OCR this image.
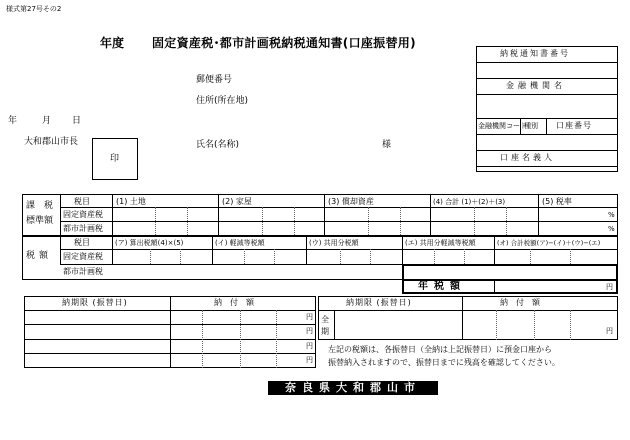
様式第27号その2
年度 固定資産税･都市計画税納税通知書(口座振替用)
郵便番号
住所(所在地)
年	月 日
大和郡山市長
印
氏名(名称)	様
納税通知書番号
金融機関名
金融機関コード
種別 口座番号
口座名義人
課　税
標準額
税額
税目
固定資産税
都市計画税
税目
固定資産税
都市計画税
(1) 土地	(2) 家屋	(3) 償却資産	(4) 合計 (1)＋(2)＋(3)	(5) 税率
%
%
(ア) 算出税額(4)×(5)	(イ) 軽減等税額	(ウ) 共用分税額	(エ) 共用分軽減等税額	(オ) 合計税額(ア)−(イ)＋(ウ)−(エ)
年税額	円
納期限 (振替日)	納付額
円
円
円
円
納期限 (振替日)	納付額
全期	円
左記の税額は、各振替日（全納は上記振替日）に預金口座から
振替納入されますので、振替日までに残高を確認してください。
奈良県大和郡山市
